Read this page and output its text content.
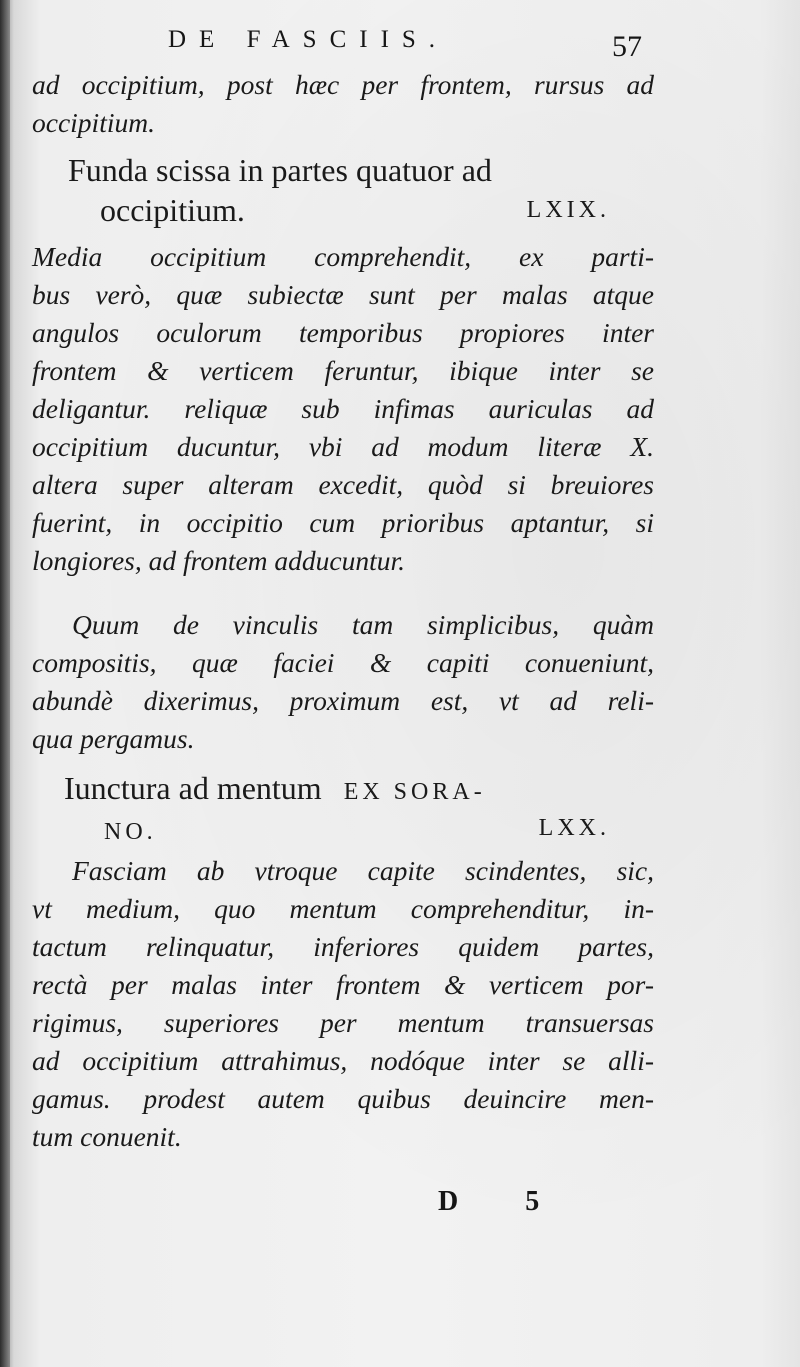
DE FASCIIS.	57
ad occipitium, post hæc per frontem, rursus ad
occipitium.
Funda scissa in partes quatuor ad
occipitium.	LXIX.
Media occipitium comprehendit, ex parti-
bus verò, quæ subiectæ sunt per malas atque
angulos oculorum temporibus propiores inter
frontem & verticem feruntur, ibique inter se
deligantur. reliquæ sub infimas auriculas ad
occipitium ducuntur, vbi ad modum literæ X.
altera super alteram excedit, quòd si breuiores
fuerint, in occipitio cum prioribus aptantur, si
longiores, ad frontem adducuntur.
Quum de vinculis tam simplicibus, quàm
compositis, quæ faciei & capiti conueniunt,
abundè dixerimus, proximum est, vt ad reli-
qua pergamus.
Iunctura ad mentum EX SORA-
NO.	LXX.
Fasciam ab vtroque capite scindentes, sic,
vt medium, quo mentum comprehenditur, in-
tactum relinquatur, inferiores quidem partes,
rectà per malas inter frontem & verticem por-
rigimus, superiores per mentum transuersas
ad occipitium attrahimus, nodóque inter se alli-
gamus. prodest autem quibus deuincire men-
tum conuenit.
D 5
